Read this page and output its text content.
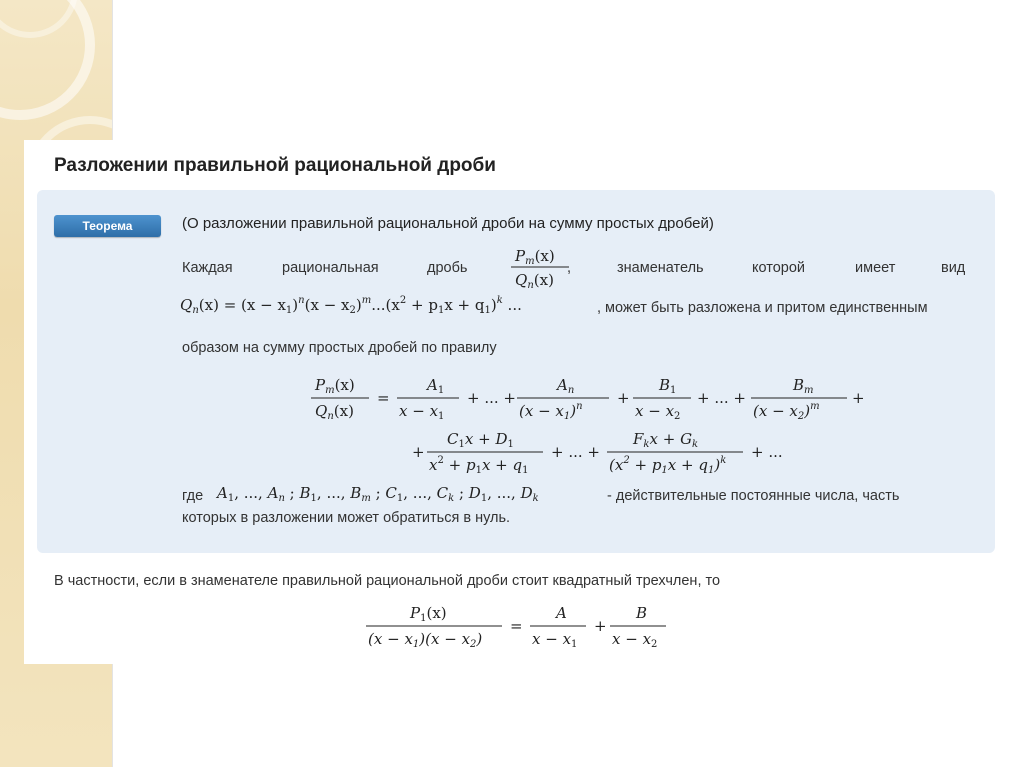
Разложении правильной рациональной дроби
Теорема	(О разложении правильной рациональной дроби на сумму простых дробей)
Каждая	рациональная	дробь
$P_m(x)$
$Q_n(x)$
,	знаменатель	которой	имеет	вид
$Q_n(x) = (x - x_1)^n(x - x_2)^m...(x^2 + p_1x + q_1)^k$ ...	, может быть разложена и притом единственным
образом на сумму простых дробей по правилу
$P_m(x)$
$Q_n(x)$
=
$A_1$
$x - x_1$
+ ... +
$A_n$
$(x - x_1)^n$ +
$B_1$
$x - x_2$
+ ... +
$B_m$
$(x - x_2)^m$ +
+
$C_1x + D_1$
$x^2 + p_1x + q_1$
+ ... +
$F_kx + G_k$
$(x^2 + p_1x + q_1)^k$ + ...
где $A_1$, ..., $A_n$ ; $B_1$, ..., $B_m$ ; $C_1$, ..., $C_k$ ; $D_1$, ..., $D_k$	- действительные постоянные числа, часть
которых в разложении может обратиться в нуль.
В частности, если в знаменателе правильной рациональной дроби стоит квадратный трехчлен, то
$P_1(x)$
$(x - x_1)(x - x_2)$
=
A
$x - x_1$
+
B
$x - x_2$
